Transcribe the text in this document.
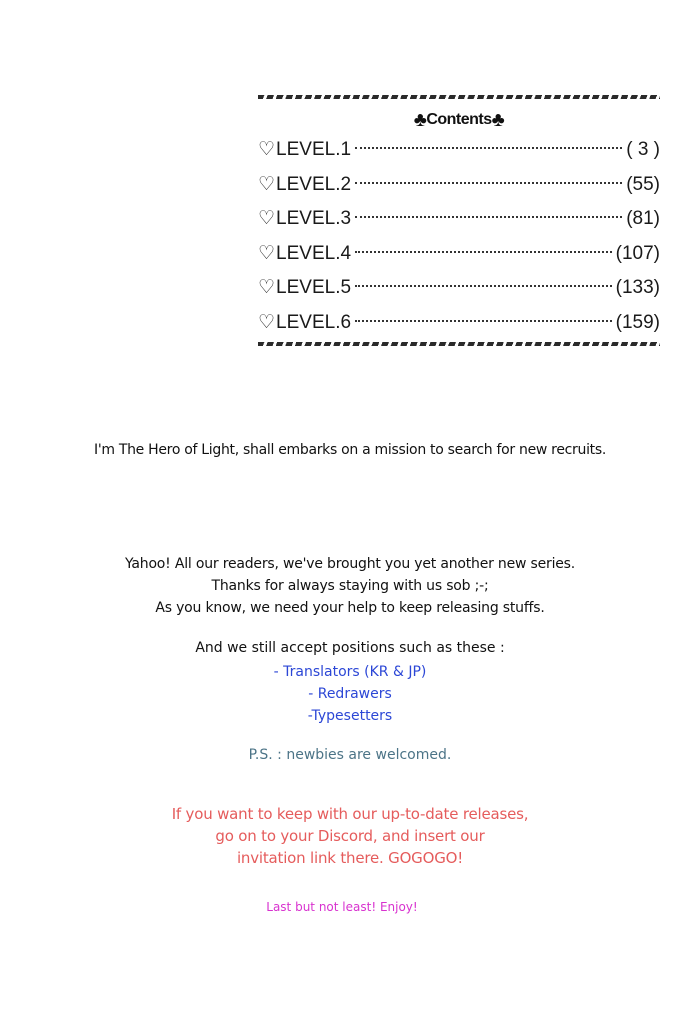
♣Contents♣
♡ LEVEL.1	( 3 )
♡ LEVEL.2	(55)
♡ LEVEL.3	(81)
♡ LEVEL.4	(107)
♡ LEVEL.5	(133)
♡ LEVEL.6	(159)
I'm The Hero of Light, shall embarks on a mission to search for new recruits.
Yahoo! All our readers, we've brought you yet another new series.
Thanks for always staying with us sob ;-;
As you know, we need your help to keep releasing stuffs.
And we still accept positions such as these :
- Translators (KR & JP)
- Redrawers
-Typesetters
P.S. : newbies are welcomed.
If you want to keep with our up-to-date releases,
go on to your Discord, and insert our
invitation link there. GOGOGO!
Last but not least! Enjoy!
